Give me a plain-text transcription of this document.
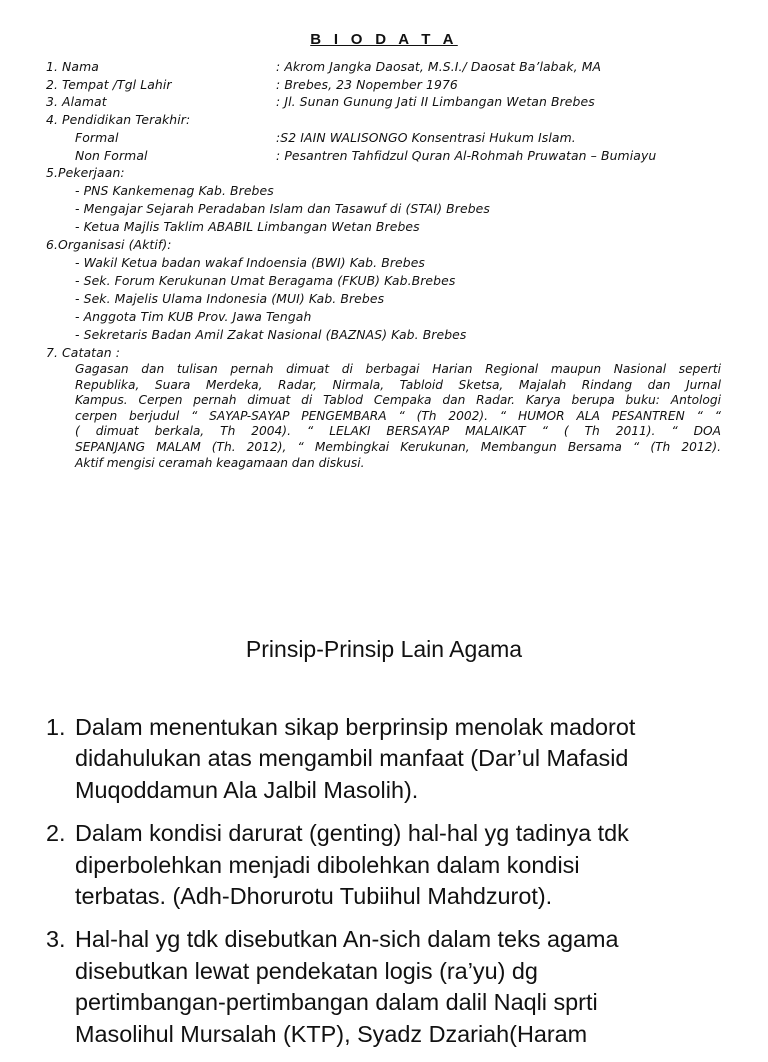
B I O D A T A
1. Nama	: Akrom Jangka Daosat, M.S.I./ Daosat Ba’labak, MA
2. Tempat /Tgl Lahir	: Brebes, 23 Nopember 1976
3. Alamat	: Jl. Sunan Gunung Jati II Limbangan Wetan Brebes
4. Pendidikan Terakhir:
Formal	:S2 IAIN WALISONGO Konsentrasi Hukum Islam.
Non Formal	: Pesantren Tahfidzul Quran Al-Rohmah Pruwatan – Bumiayu
5.Pekerjaan:
- PNS Kankemenag Kab. Brebes
- Mengajar Sejarah Peradaban Islam dan Tasawuf di (STAI) Brebes
- Ketua Majlis Taklim ABABIL Limbangan Wetan Brebes
6.Organisasi (Aktif):
- Wakil Ketua badan wakaf Indoensia (BWI) Kab. Brebes
- Sek. Forum Kerukunan Umat Beragama (FKUB) Kab.Brebes
- Sek. Majelis Ulama Indonesia (MUI) Kab. Brebes
- Anggota Tim KUB Prov. Jawa Tengah
- Sekretaris Badan Amil Zakat Nasional (BAZNAS) Kab. Brebes
7. Catatan :
Gagasan dan tulisan pernah dimuat di berbagai Harian Regional maupun Nasional seperti
Republika, Suara Merdeka, Radar, Nirmala, Tabloid Sketsa, Majalah Rindang dan Jurnal
Kampus. Cerpen pernah dimuat di Tablod Cempaka dan Radar. Karya berupa buku: Antologi
cerpen berjudul “ SAYAP-SAYAP PENGEMBARA “ (Th 2002). “ HUMOR ALA PESANTREN “ “
( dimuat berkala, Th 2004). “ LELAKI BERSAYAP MALAIKAT “ ( Th 2011). “ DOA
SEPANJANG MALAM (Th. 2012), “ Membingkai Kerukunan, Membangun Bersama “ (Th 2012).
Aktif mengisi ceramah keagamaan dan diskusi.
Prinsip-Prinsip Lain Agama
1. Dalam menentukan sikap berprinsip menolak madorot
didahulukan atas mengambil manfaat (Dar’ul Mafasid
Muqoddamun Ala Jalbil Masolih).
2. Dalam kondisi darurat (genting) hal-hal yg tadinya tdk
diperbolehkan menjadi dibolehkan dalam kondisi
terbatas. (Adh-Dhorurotu Tubiihul Mahdzurot).
3. Hal-hal yg tdk disebutkan An-sich dalam teks agama
disebutkan lewat pendekatan logis (ra’yu) dg
pertimbangan-pertimbangan dalam dalil Naqli sprti
Masolihul Mursalah (KTP), Syadz Dzariah(Haram
